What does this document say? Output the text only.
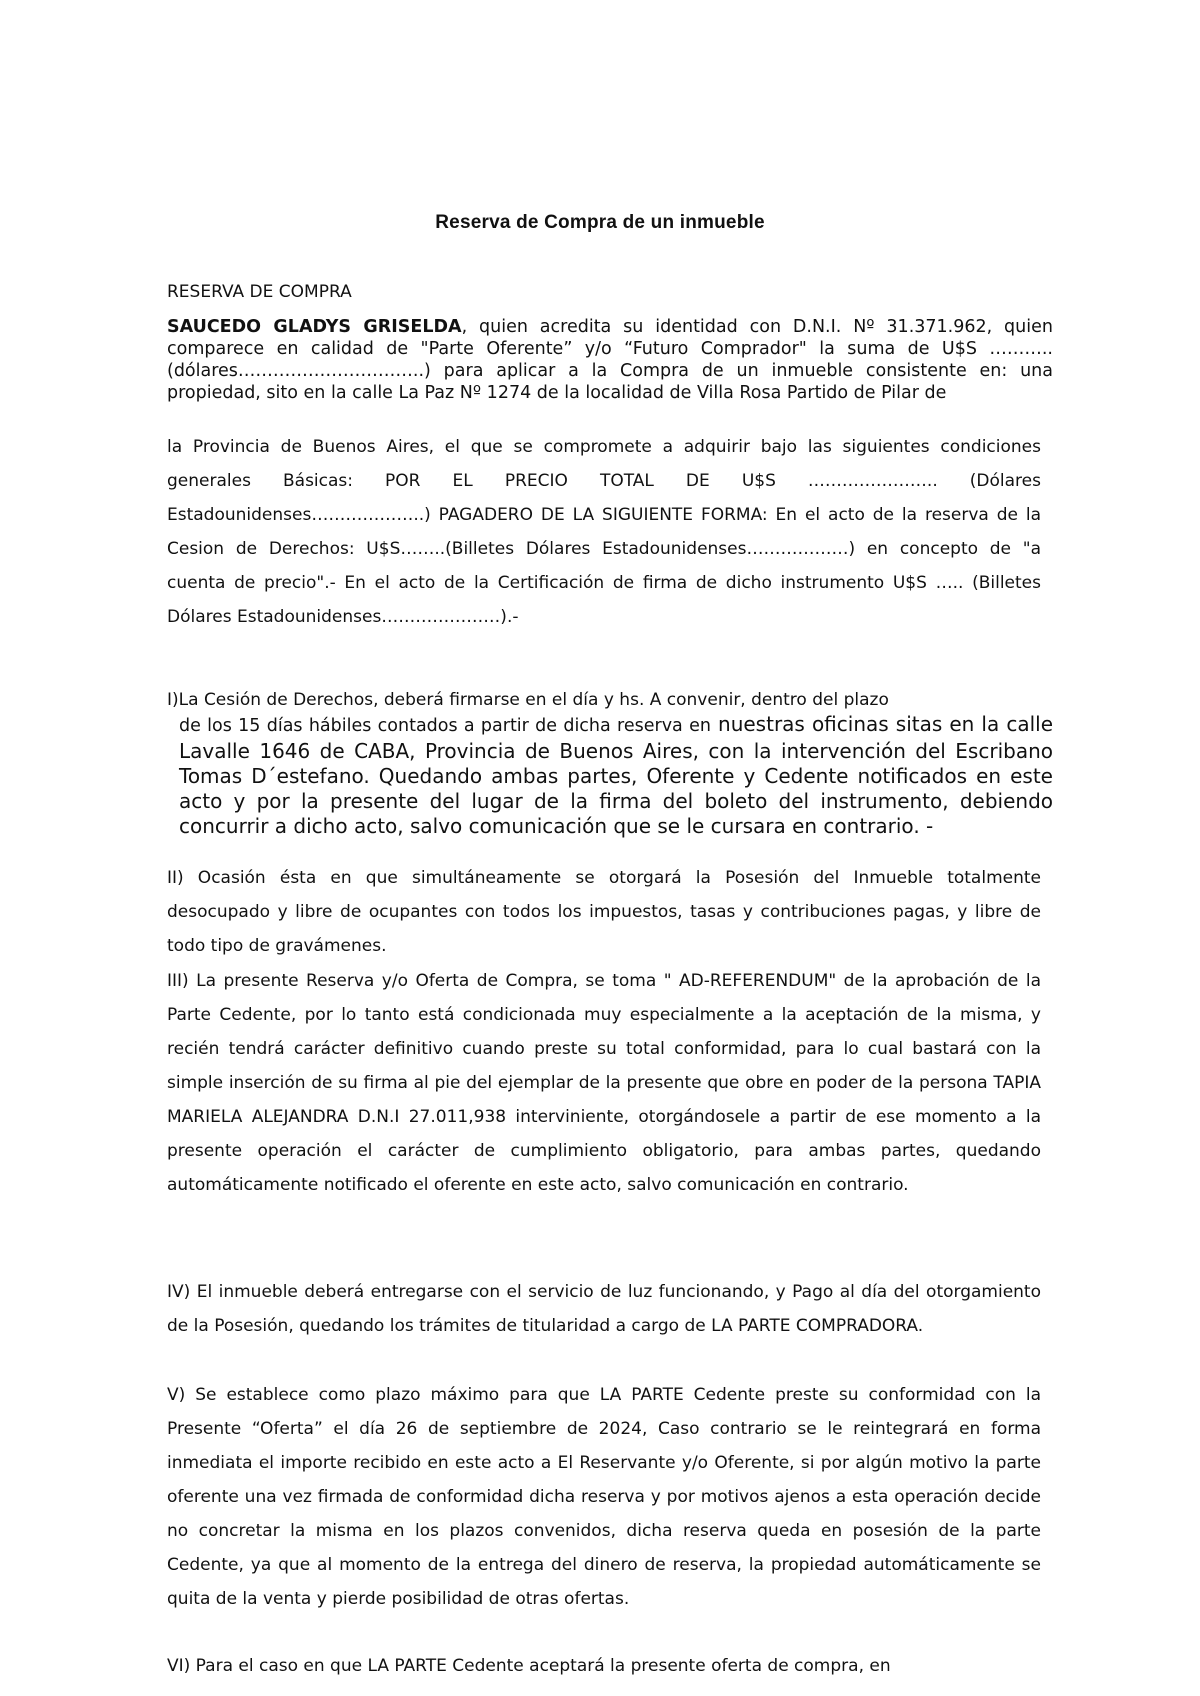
Reserva de Compra de un inmueble
RESERVA DE COMPRA
SAUCEDO GLADYS GRISELDA, quien acredita su identidad con D.N.I. Nº 31.371.962, quien comparece en calidad de "Parte Oferente” y/o “Futuro Comprador" la suma de U$S ……….. (dólares…………………………..) para aplicar a la Compra de un inmueble consistente en: una propiedad, sito en la calle La Paz Nº 1274 de la localidad de Villa Rosa Partido de Pilar de
la Provincia de Buenos Aires, el que se compromete a adquirir bajo las siguientes condiciones generales Básicas: POR EL PRECIO TOTAL DE U$S ………………….. (Dólares Estadounidenses………………..) PAGADERO DE LA SIGUIENTE FORMA: En el acto de la reserva de la Cesion de Derechos: U$S……..(Billetes Dólares Estadounidenses………………) en concepto de "a cuenta de precio".- En el acto de la Certificación de firma de dicho instrumento U$S ….. (Billetes Dólares Estadounidenses…………………).-
I)La Cesión de Derechos, deberá firmarse en el día y hs. A convenir, dentro del plazo
de los 15 días hábiles contados a partir de dicha reserva en nuestras oficinas sitas en la calle Lavalle 1646 de CABA, Provincia de Buenos Aires, con la intervención del Escribano Tomas D´estefano. Quedando ambas partes, Oferente y Cedente notificados en este acto y por la presente del lugar de la firma del boleto del instrumento, debiendo concurrir a dicho acto, salvo comunicación que se le cursara en contrario. -
II) Ocasión ésta en que simultáneamente se otorgará la Posesión del Inmueble totalmente desocupado y libre de ocupantes con todos los impuestos, tasas y contribuciones pagas, y libre de todo tipo de gravámenes.
III) La presente Reserva y/o Oferta de Compra, se toma " AD-REFERENDUM" de la aprobación de la Parte Cedente, por lo tanto está condicionada muy especialmente a la aceptación de la misma, y recién tendrá carácter definitivo cuando preste su total conformidad, para lo cual bastará con la simple inserción de su firma al pie del ejemplar de la presente que obre en poder de la persona TAPIA MARIELA ALEJANDRA D.N.I 27.011,938 interviniente, otorgándosele a partir de ese momento a la presente operación el carácter de cumplimiento obligatorio, para ambas partes, quedando automáticamente notificado el oferente en este acto, salvo comunicación en contrario.
IV) El inmueble deberá entregarse con el servicio de luz funcionando, y Pago al día del otorgamiento de la Posesión, quedando los trámites de titularidad a cargo de LA PARTE COMPRADORA.
V) Se establece como plazo máximo para que LA PARTE Cedente preste su conformidad con la Presente “Oferta” el día 26 de septiembre de 2024, Caso contrario se le reintegrará en forma inmediata el importe recibido en este acto a El Reservante y/o Oferente, si por algún motivo la parte oferente una vez firmada de conformidad dicha reserva y por motivos ajenos a esta operación decide no concretar la misma en los plazos convenidos, dicha reserva queda en posesión de la parte Cedente, ya que al momento de la entrega del dinero de reserva, la propiedad automáticamente se quita de la venta y pierde posibilidad de otras ofertas.
VI) Para el caso en que LA PARTE Cedente aceptará la presente oferta de compra, en
